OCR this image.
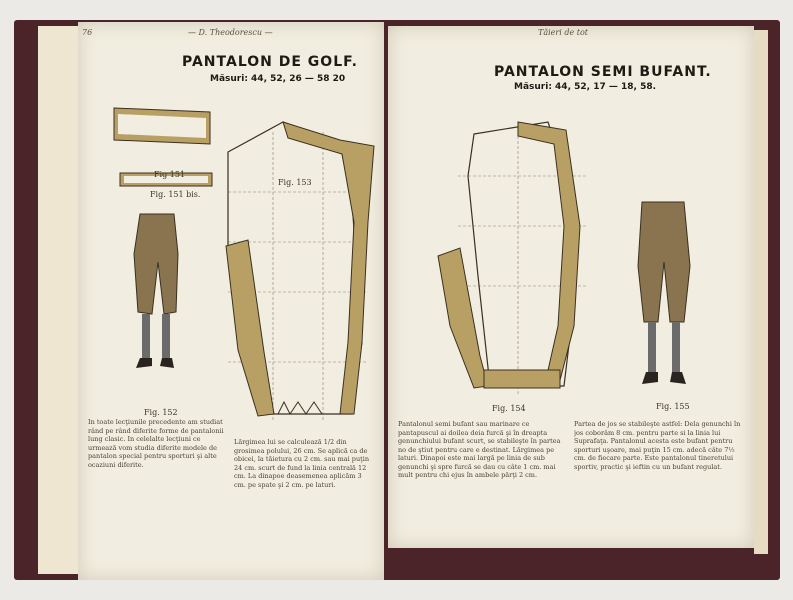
76	— D. Theodorescu —
PANTALON DE GOLF.
Măsuri: 44, 52, 26 — 58 20
Fig 151
Fig. 151 bis.
Fig. 153
Fig. 152
In toate lecţiunile precedente am studiat rând pe rând diferite forme de pantalonii lung clasic. In celelalte lecţiuni ce urmează vom studia diferite modele de pantalon special pentru sporturi şi alte ocaziuni diferite.
Lărgimea lui se calculează 1/2 din grosimea polului, 26 cm. Se aplică ca de obicei, la tăietura cu 2 cm. sau mai puţin 24 cm. scurt de fund la linia centrală 12 cm. La dinapoe deasemenea aplicăm 3 cm. pe spate şi 2 cm. pe laturi.
Tăieri de tot
PANTALON SEMI BUFANT.
Măsuri: 44, 52, 17 — 18, 58.
Fig. 154	Fig. 155
Pantalonul semi bufant sau marinare ce pantapuscul ai doilea deia furcă şi în dreapta genunchiului bufant scurt, se stabileşte în partea no de ştiut pentru care e destinat. Lărgimea pe laturi. Dinapoi este mai largă pe linia de sub genunchi şi spre furcă se dau cu câte 1 cm. mai mult pentru chi ejus în ambele părţi 2 cm.
Partea de jos se stabileşte astfel: Dela genunchi în jos coborâm 8 cm. pentru parte si la linia lui Suprafaţa. Pantalonul acesta este bufant pentru sporturi uşoare, mai puţin 15 cm. adecă câte 7½ cm. de fiecare parte. Este pantalonul tineretului sportiv, practic şi ieftin cu un bufant regulat.
